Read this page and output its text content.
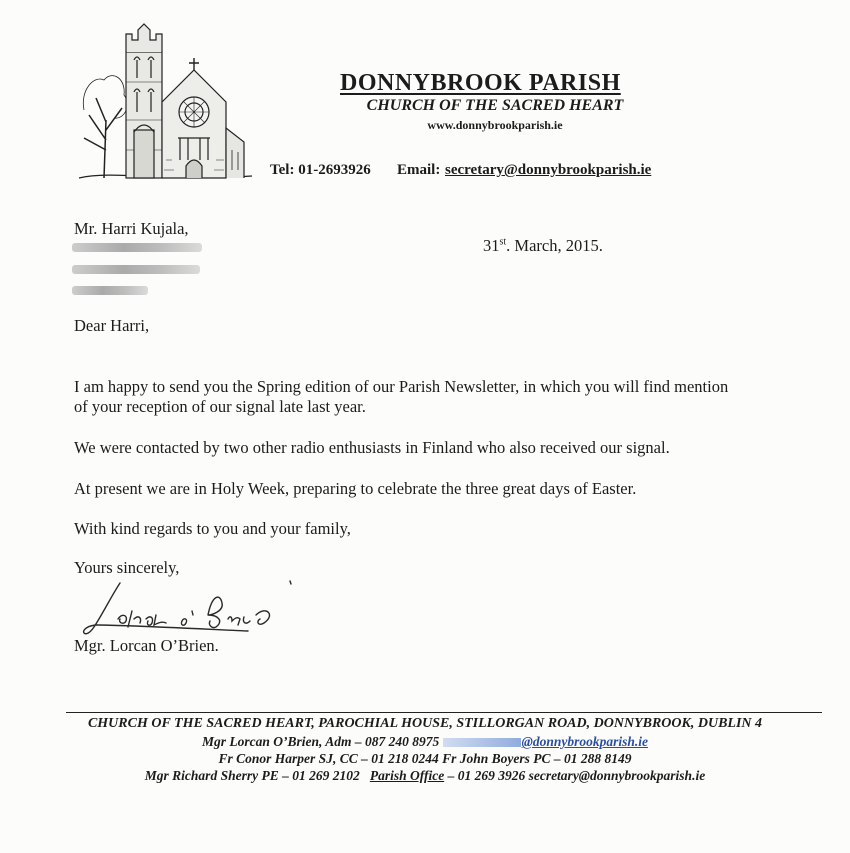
DONNYBROOK PARISH
CHURCH OF THE SACRED HEART
www.donnybrookparish.ie
Tel: 01-2693926 Email: secretary@donnybrookparish.ie
Mr. Harri Kujala,
31st. March, 2015.
Dear Harri,
I am happy to send you the Spring edition of our Parish Newsletter, in which you will find mention
of your reception of our signal late last year.
We were contacted by two other radio enthusiasts in Finland who also received our signal.
At present we are in Holy Week, preparing to celebrate the three great days of Easter.
With kind regards to you and your family,
Yours sincerely,
Mgr. Lorcan O’Brien.
CHURCH OF THE SACRED HEART, PAROCHIAL HOUSE, STILLORGAN ROAD, DONNYBROOK, DUBLIN 4
Mgr Lorcan O’Brien, Adm – 087 240 8975	@donnybrookparish.ie
Fr Conor Harper SJ, CC – 01 218 0244 Fr John Boyers PC – 01 288 8149
Mgr Richard Sherry PE – 01 269 2102 Parish Office – 01 269 3926 secretary@donnybrookparish.ie
